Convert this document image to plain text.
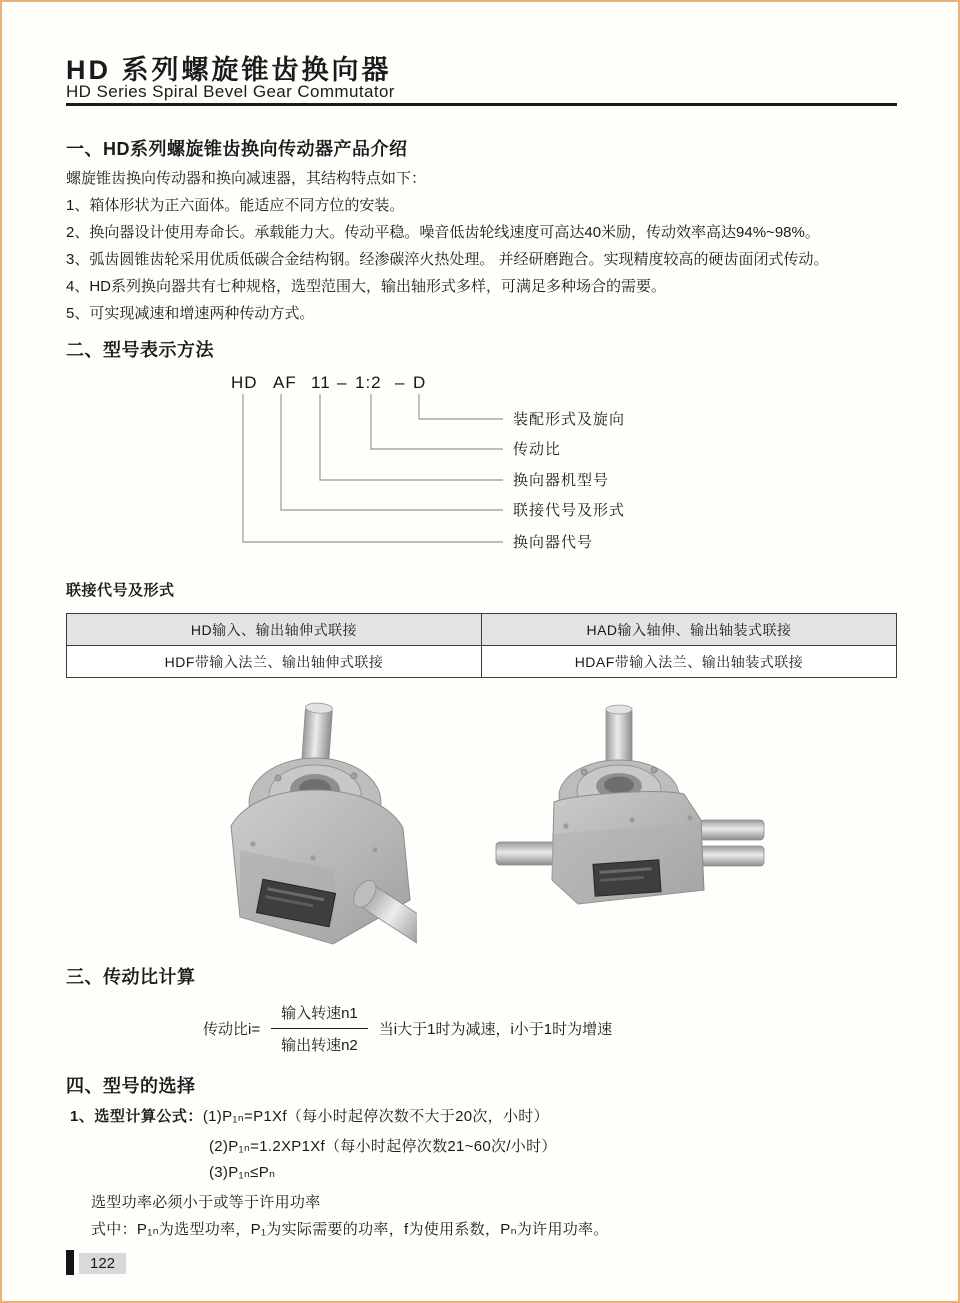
HD 系列螺旋锥齿换向器
HD Series Spiral Bevel Gear Commutator
一、HD系列螺旋锥齿换向传动器产品介绍
螺旋锥齿换向传动器和换向减速器，其结构特点如下：
1、箱体形状为正六面体。能适应不同方位的安装。
2、换向器设计使用寿命长。承载能力大。传动平稳。噪音低齿轮线速度可高达40米励，传动效率高达94%~98%。
3、弧齿圆锥齿轮采用优质低碳合金结构钢。经渗碳淬火热处理。 并经研磨跑合。实现精度较高的硬齿面闭式传动。
4、HD系列换向器共有七种规格，选型范围大，输出轴形式多样，可满足多种场合的需要。
5、可实现减速和增速两种传动方式。
二、型号表示方法
HD AF 11 – 1:2 – D
装配形式及旋向
传动比
换向器机型号
联接代号及形式
换向器代号
联接代号及形式
HD输入、输出轴伸式联接	HAD输入轴伸、输出轴装式联接
HDF带输入法兰、输出轴伸式联接	HDAF带输入法兰、输出轴装式联接
三、传动比计算
传动比$i= \frac{\text{输入转速n1}}{\text{输出转速n2}}$ 当i大于1时为减速，i小于1时为增速
四、型号的选择
1、选型计算公式：(1)P₁ₙ=P1Xf（每小时起停次数不大于20次，小时）
(2)P₁ₙ=1.2XP1Xf（每小时起停次数21~60次/小时）
(3)P₁ₙ≤Pₙ
选型功率必须小于或等于许用功率
式中：P₁ₙ为选型功率，P₁为实际需要的功率，f为使用系数，Pₙ为许用功率。
122
